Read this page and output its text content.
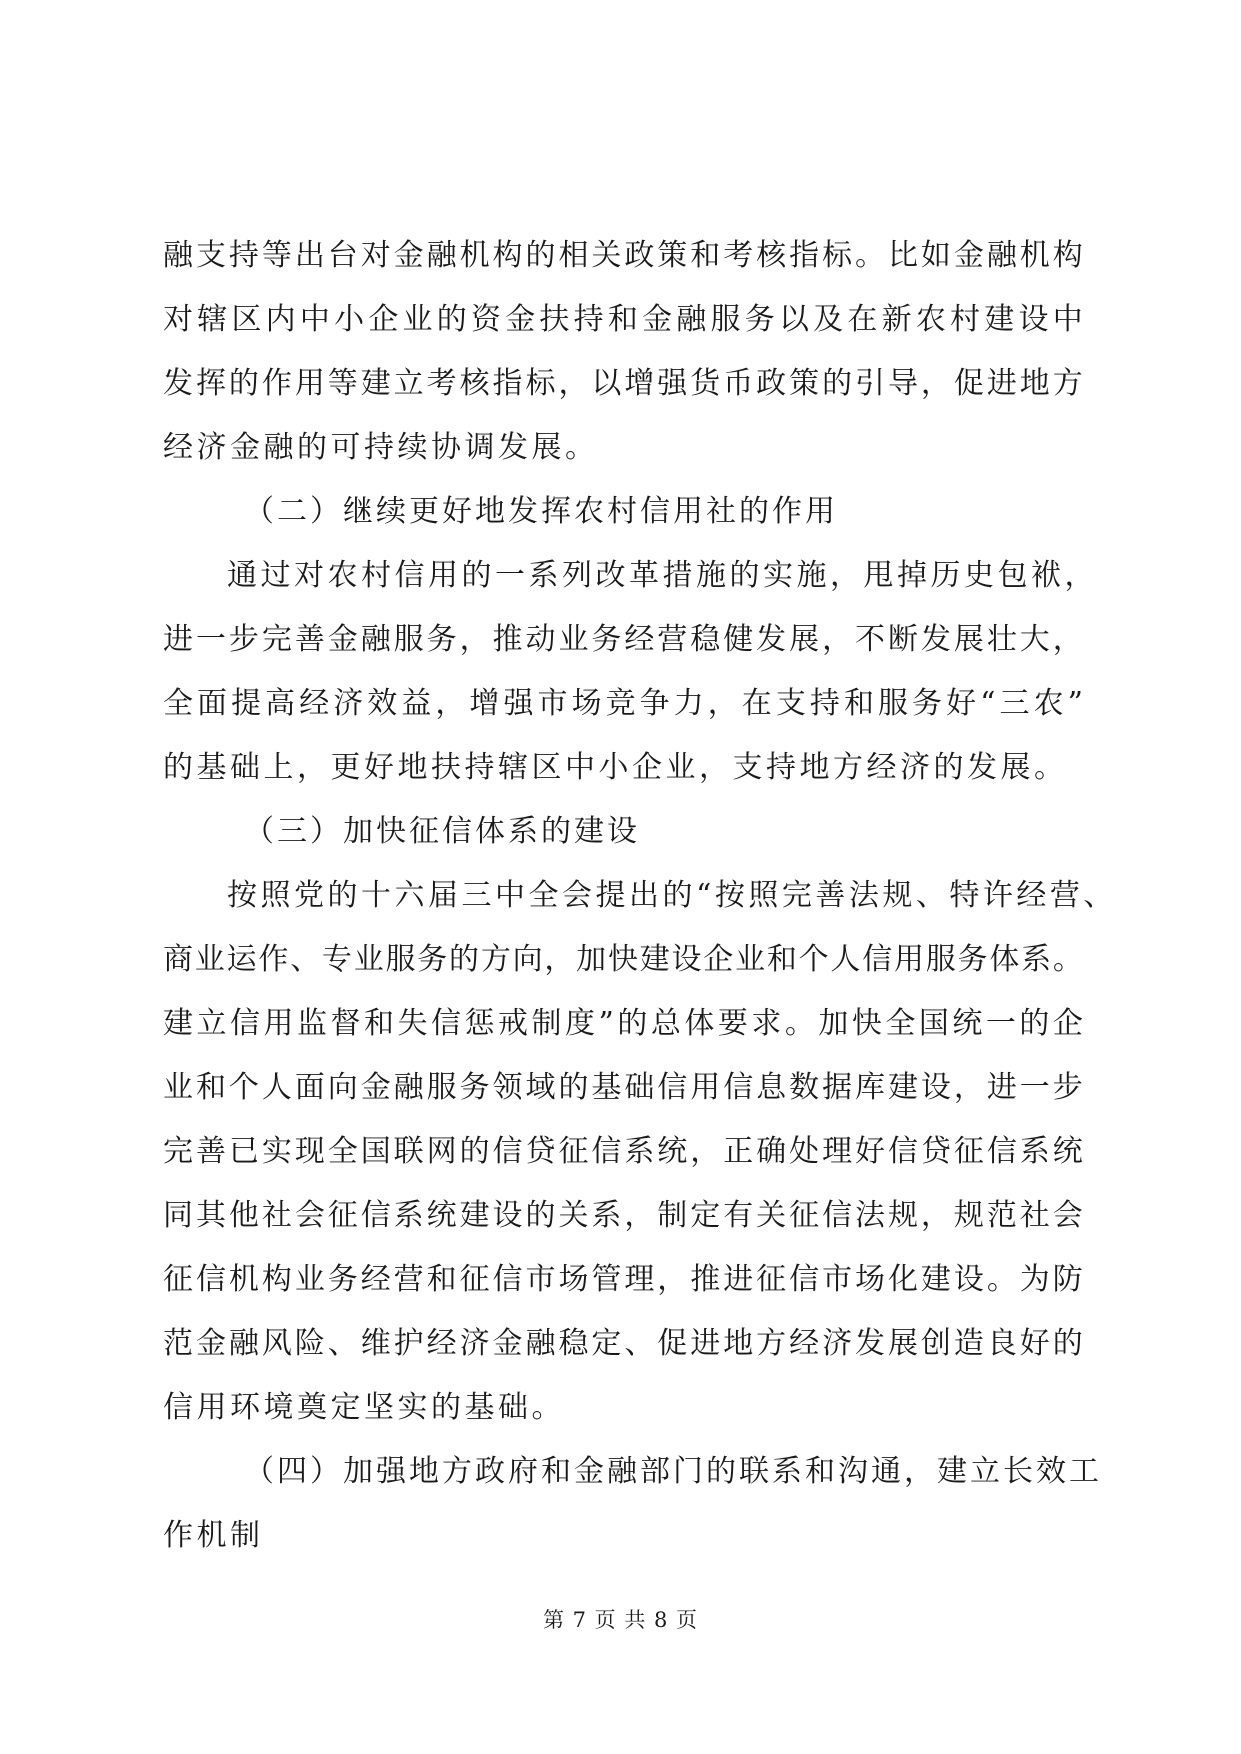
融 支 持 等 出 台 对 金 融 机 构 的 相 关 政 策 和 考 核 指 标 。 比 如 金 融 机 构
对 辖 区 内 中 小 企 业 的 资 金 扶 持 和 金 融 服 务 以 及 在 新 农 村 建 设 中
发 挥 的 作 用 等 建 立 考 核 指 标 ， 以 增 强 货 币 政 策 的 引 导 ， 促 进 地 方
经济金融的可持续协调发展。
（二）继续更好地发挥农村信用社的作用
通过对农村信用的一系列改革措施的实施，甩掉历史包袱，
进 一 步 完 善 金 融 服 务 ， 推 动 业 务 经 营 稳 健 发 展 ， 不 断 发 展 壮 大 ，
全 面 提 高 经 济 效 益 ， 增 强 市 场 竞 争 力 ， 在 支 持 和 服 务 好 “ 三 农 ”
的基础上，更好地扶持辖区中小企业，支持地方经济的发展。
（三）加快征信体系的建设
按照党的十六届三中全会提出的“按照完善法规、特许经营、
商 业 运 作 、 专 业 服 务 的 方 向 ， 加 快 建 设 企 业 和 个 人 信 用 服 务 体 系 。
建 立 信 用 监 督 和 失 信 惩 戒 制 度 ” 的 总 体 要 求 。 加 快 全 国 统 一 的 企
业 和 个 人 面 向 金 融 服 务 领 域 的 基 础 信 用 信 息 数 据 库 建 设 ， 进 一 步
完 善 已 实 现 全 国 联 网 的 信 贷 征 信 系 统 ， 正 确 处 理 好 信 贷 征 信 系 统
同 其 他 社 会 征 信 系 统 建 设 的 关 系 ， 制 定 有 关 征 信 法 规 ， 规 范 社 会
征 信 机 构 业 务 经 营 和 征 信 市 场 管 理 ， 推 进 征 信 市 场 化 建 设 。 为 防
范 金 融 风 险 、 维 护 经 济 金 融 稳 定 、 促 进 地 方 经 济 发 展 创 造 良 好 的
信用环境奠定坚实的基础。
（四）加强地方政府和金融部门的联系和沟通，建立长效工
作机制
第 7 页 共 8 页
